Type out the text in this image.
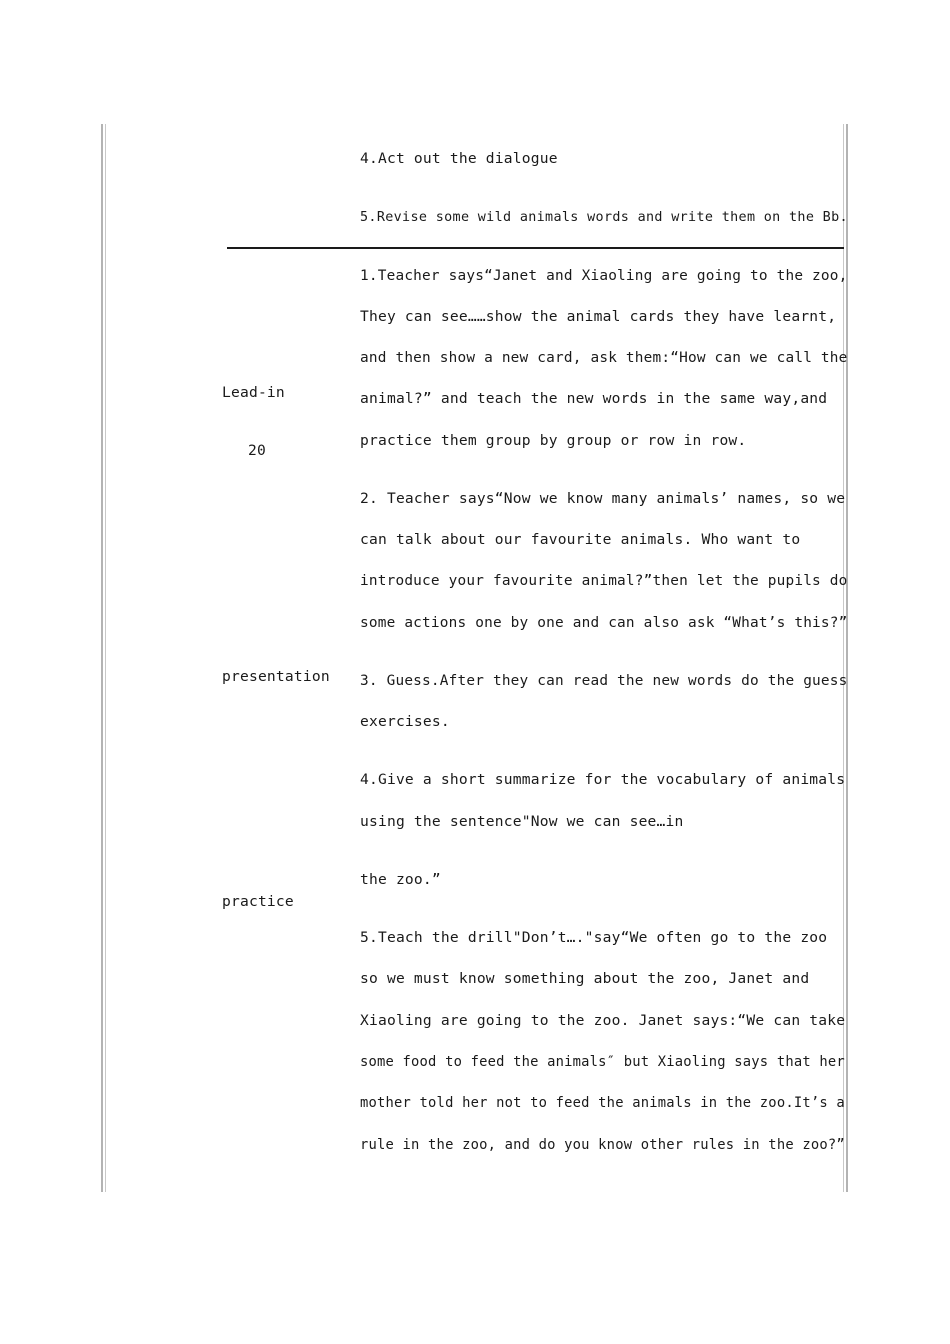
Lead-in
20
presentation
practice
4.Act out the dialogue
5.Revise some wild animals words and write them on the Bb.
1.Teacher says“Janet and Xiaoling are going to the zoo,
They can see……show the animal cards they have learnt,
and then show a new card, ask them:“How can we call the
animal?” and teach the new words in the same way,and
practice them group by group or row in row.
2. Teacher says“Now we know many animals’ names, so we
can talk about our favourite animals. Who want to
introduce your favourite animal?”then let the pupils do
some actions one by one and can also ask “What’s this?”
3. Guess.After they can read the new words do the guess
exercises.
4.Give a short summarize for the vocabulary of animals
using the sentence"Now we can see…in
the zoo.”
5.Teach the drill"Don’t…."say“We often go to the zoo
so we must know something about the zoo, Janet and
Xiaoling are going to the zoo. Janet says:“We can take
some food to feed the animals″ but Xiaoling says that her
mother told her not to feed the animals in the zoo.It’s a
rule in the zoo, and do you know other rules in the zoo?”
